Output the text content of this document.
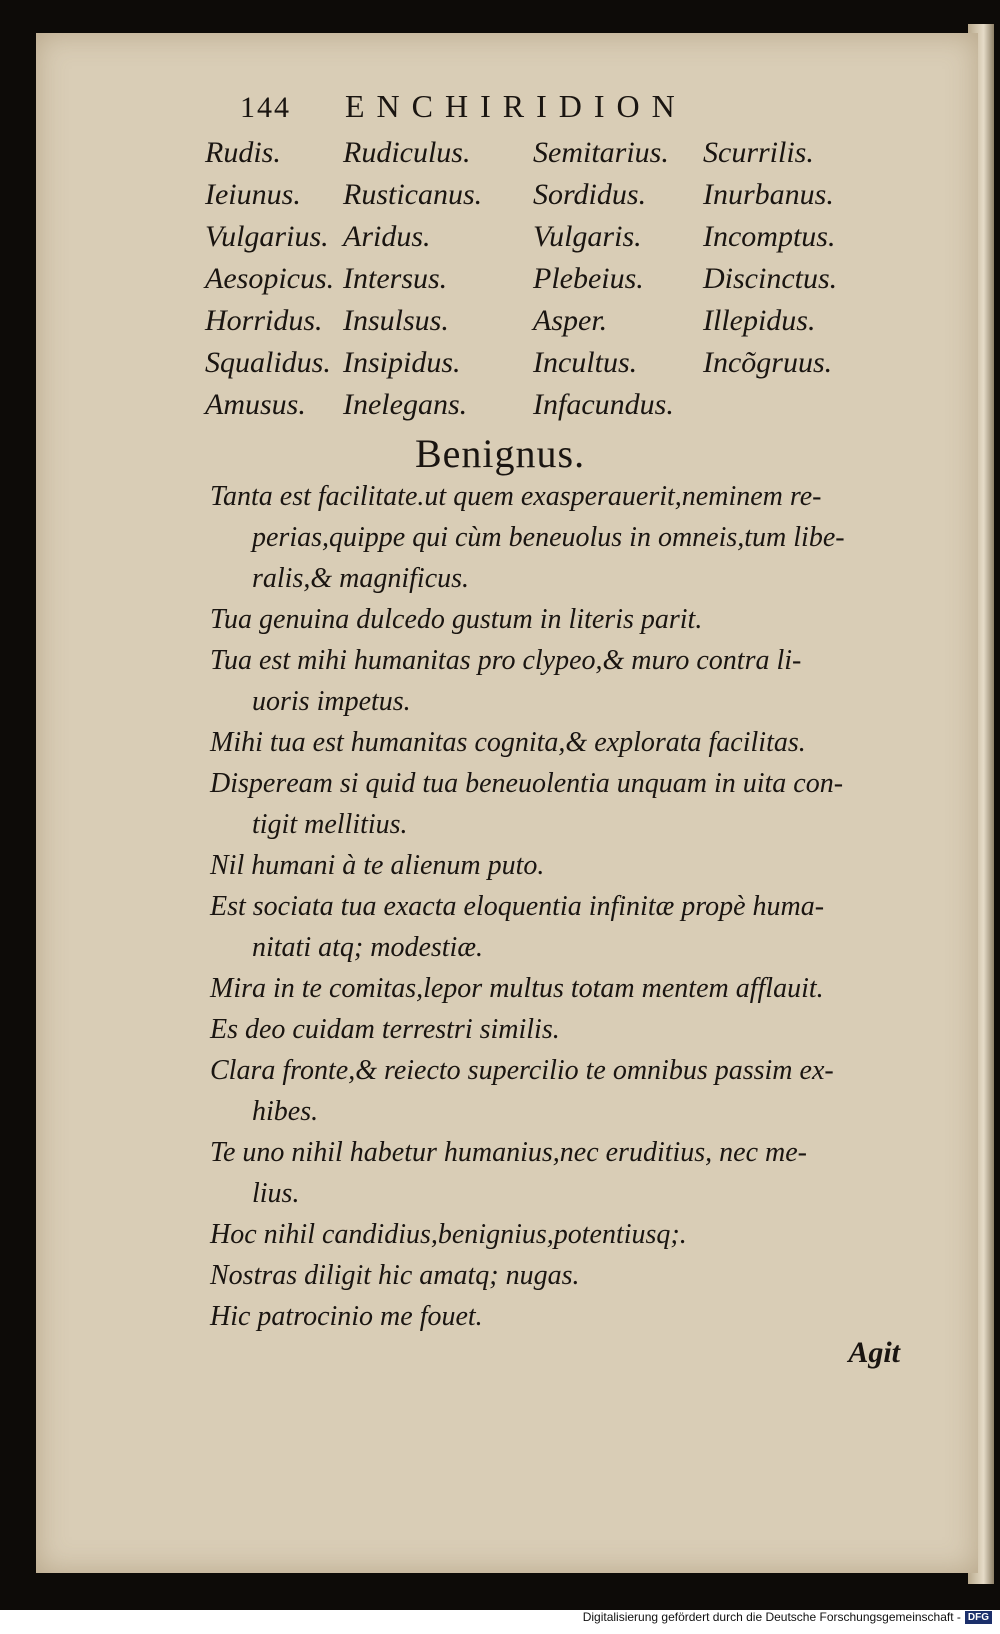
144 ENCHIRIDION
Rudis. Rudiculus. Semitarius. Scurrilis.
Ieiunus. Rusticanus. Sordidus. Inurbanus.
Vulgarius. Aridus.	Vulgaris. Incomptus.
Aesopicus. Intersus.	Plebeius. Discinctus.
Horridus. Insulsus.	Asper.	Illepidus.
Squalidus. Insipidus. Incultus. Incõgruus.
Amusus. Inelegans. Infacundus.
Benignus.
Tanta est facilitate.ut quem exasperauerit,neminem re-
perias,quippe qui cùm beneuolus in omneis,tum libe-
ralis,& magnificus.
Tua genuina dulcedo gustum in literis parit.
Tua est mihi humanitas pro clypeo,& muro contra li-
uoris impetus.
Mihi tua est humanitas cognita,& explorata facilitas.
Disperеam si quid tua beneuolentia unquam in uita con-
tigit mellitius.
Nil humani à te alienum puto.
Est sociata tua exacta eloquentia infinitæ propè huma-
nitati atq; modestiæ.
Mira in te comitas,lepor multus totam mentem afflauit.
Es deo cuidam terrestri similis.
Clara fronte,& reiecto supercilio te omnibus passim ex-
hibes.
Te uno nihil habetur humanius,nec eruditius, nec me-
lius.
Hoc nihil candidius,benignius,potentiusq;.
Nostras diligit hic amatq; nugas.
Hic patrocinio me fouet.
Agit
Digitalisierung gefördert durch die Deutsche Forschungsgemeinschaft - DFG
